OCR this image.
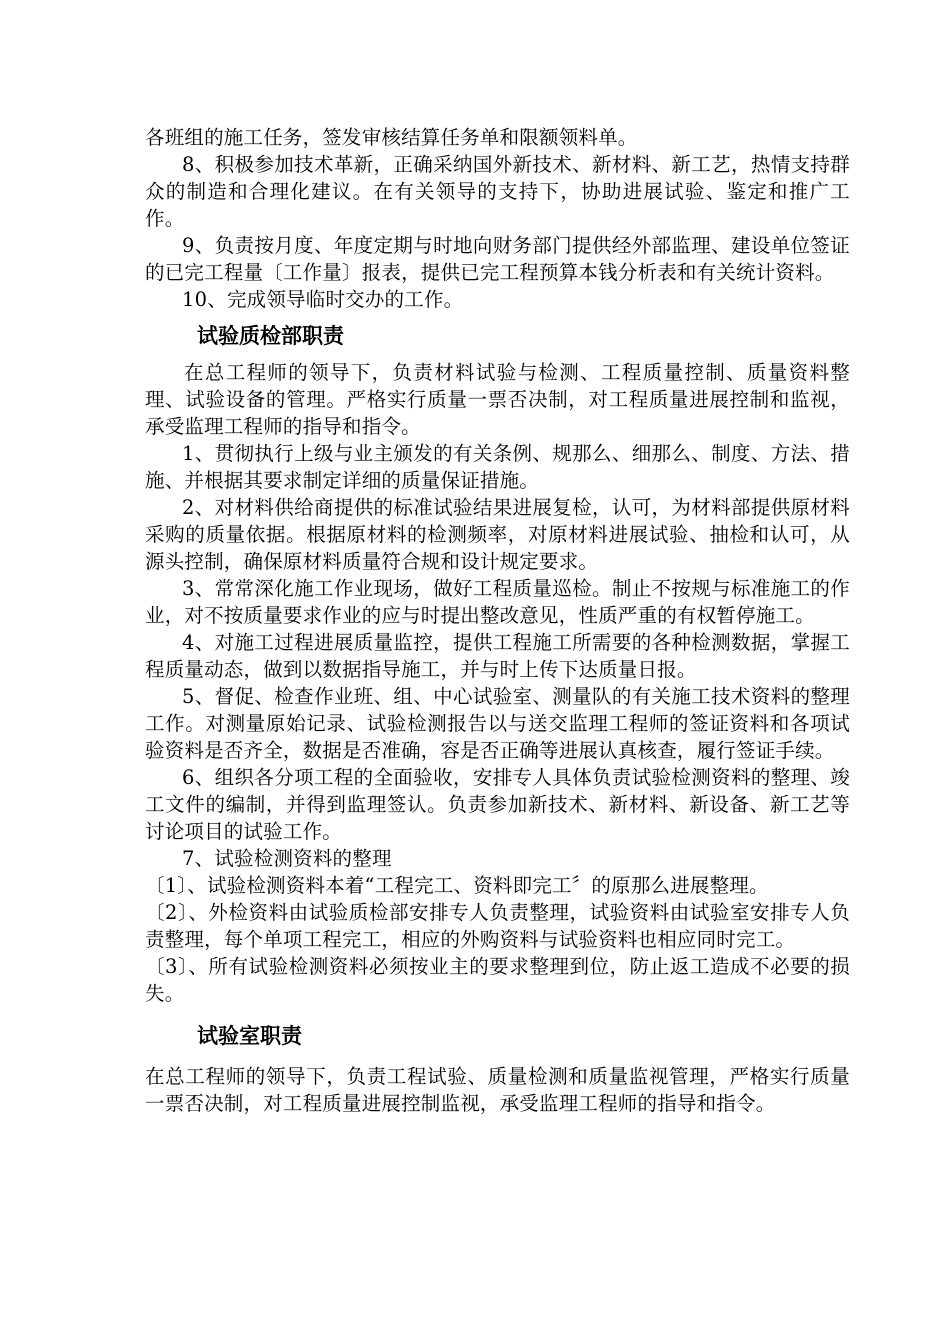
各班组的施工任务，签发审核结算任务单和限额领料单。

8、积极参加技术革新，正确采纳国外新技术、新材料、新工艺，热情支持群众的制造和合理化建议。在有关领导的支持下，协助进展试验、鉴定和推广工作。

9、负责按月度、年度定期与时地向财务部门提供经外部监理、建设单位签证的已完工程量〔工作量〕报表，提供已完工程预算本钱分析表和有关统计资料。

10、完成领导临时交办的工作。

试验质检部职责

在总工程师的领导下，负责材料试验与检测、工程质量控制、质量资料整理、试验设备的管理。严格实行质量一票否决制，对工程质量进展控制和监视，承受监理工程师的指导和指令。

1、贯彻执行上级与业主颁发的有关条例、规那么、细那么、制度、方法、措施、并根据其要求制定详细的质量保证措施。

2、对材料供给商提供的标准试验结果进展复检，认可，为材料部提供原材料采购的质量依据。根据原材料的检测频率，对原材料进展试验、抽检和认可，从源头控制，确保原材料质量符合规和设计规定要求。

3、常常深化施工作业现场，做好工程质量巡检。制止不按规与标准施工的作业，对不按质量要求作业的应与时提出整改意见，性质严重的有权暂停施工。

4、对施工过程进展质量监控，提供工程施工所需要的各种检测数据，掌握工程质量动态，做到以数据指导施工，并与时上传下达质量日报。

5、督促、检查作业班、组、中心试验室、测量队的有关施工技术资料的整理工作。对测量原始记录、试验检测报告以与送交监理工程师的签证资料和各项试验资料是否齐全，数据是否准确，容是否正确等进展认真核查，履行签证手续。

6、组织各分项工程的全面验收，安排专人具体负责试验检测资料的整理、竣工文件的编制，并得到监理签认。负责参加新技术、新材料、新设备、新工艺等讨论项目的试验工作。

7、试验检测资料的整理

〔1〕、试验检测资料本着“工程完工、资料即完工〞的原那么进展整理。

〔2〕、外检资料由试验质检部安排专人负责整理，试验资料由试验室安排专人负责整理，每个单项工程完工，相应的外购资料与试验资料也相应同时完工。

〔3〕、所有试验检测资料必须按业主的要求整理到位，防止返工造成不必要的损失。

试验室职责

在总工程师的领导下，负责工程试验、质量检测和质量监视管理，严格实行质量一票否决制，对工程质量进展控制监视，承受监理工程师的指导和指令。
